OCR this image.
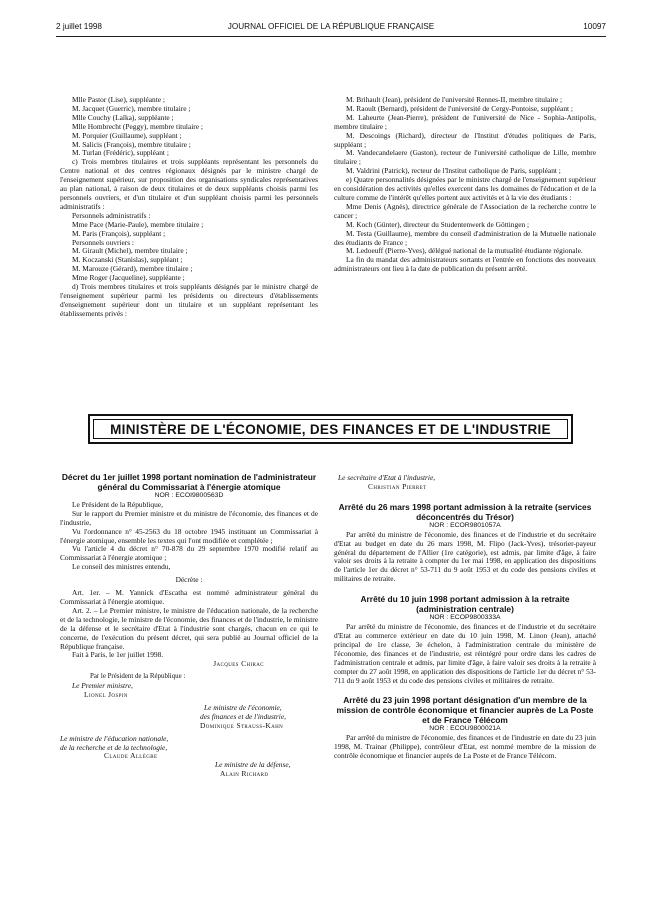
2 juillet 1998	JOURNAL OFFICIEL DE LA RÉPUBLIQUE FRANÇAISE	10097

Mlle Pastor (Lise), suppléante ;

M. Jacquet (Guerric), membre titulaire ;

Mlle Couchy (Laïka), suppléante ;

Mlle Hombrecht (Peggy), membre titulaire ;

M. Porquier (Guillaume), suppléant ;

M. Salicis (François), membre titulaire ;

M. Turlan (Frédéric), suppléant ;

c) Trois membres titulaires et trois suppléants représentant les personnels du Centre national et des centres régionaux désignés par le ministre chargé de l'enseignement supérieur, sur proposition des organisations syndicales représentatives au plan national, à raison de deux titulaires et de deux suppléants choisis parmi les personnels ouvriers, et d'un titulaire et d'un suppléant choisis parmi les personnels administratifs :

Personnels administratifs :

Mme Pace (Marie-Paule), membre titulaire ;

M. Paris (François), suppléant ;

Personnels ouvriers :

M. Girault (Michel), membre titulaire ;

M. Koczanski (Stanislas), suppléant ;

M. Marouze (Gérard), membre titulaire ;

Mme Roger (Jacqueline), suppléante ;

d) Trois membres titulaires et trois suppléants désignés par le ministre chargé de l'enseignement supérieur parmi les présidents ou directeurs d'établissements d'enseignement supérieur dont un titulaire et un suppléant représentant les établissements privés :

M. Brihault (Jean), président de l'université Rennes-II, membre titulaire ;

M. Raoult (Bernard), président de l'université de Cergy-Pontoise, suppléant ;

M. Laheurte (Jean-Pierre), président de l'université de Nice - Sophia-Antipolis, membre titulaire ;

M. Descoings (Richard), directeur de l'Institut d'études politiques de Paris, suppléant ;

M. Vandecandelaere (Gaston), recteur de l'université catholique de Lille, membre titulaire ;

M. Valdrini (Patrick), recteur de l'Institut catholique de Paris, suppléant ;

e) Quatre personnalités désignées par le ministre chargé de l'enseignement supérieur en considération des activités qu'elles exercent dans les domaines de l'éducation et de la culture comme de l'intérêt qu'elles portent aux activités et à la vie des étudiants :

Mme Denis (Agnès), directrice générale de l'Association de la recherche contre le cancer ;

M. Koch (Günter), directeur du Studentenwerk de Göttingen ;

M. Testa (Guillaume), membre du conseil d'administration de la Mutuelle nationale des étudiants de France ;

M. Ledoeuff (Pierre-Yves), délégué national de la mutualité étudiante régionale.

La fin du mandat des administrateurs sortants et l'entrée en fonctions des nouveaux administrateurs ont lieu à la date de publication du présent arrêté.

MINISTÈRE DE L'ÉCONOMIE, DES FINANCES ET DE L'INDUSTRIE

Décret du 1er juillet 1998 portant nomination de l'administrateur général du Commissariat à l'énergie atomique

NOR : ECOI9800563D

Le Président de la République,

Sur le rapport du Premier ministre et du ministre de l'économie, des finances et de l'industrie,

Vu l'ordonnance n° 45-2563 du 18 octobre 1945 instituant un Commissariat à l'énergie atomique, ensemble les textes qui l'ont modifiée et complétée ;

Vu l'article 4 du décret n° 70-878 du 29 septembre 1970 modifié relatif au Commissariat à l'énergie atomique ;

Le conseil des ministres entendu,

Décrète :

Art. 1er. – M. Yannick d'Escatha est nommé administrateur général du Commissariat à l'énergie atomique.

Art. 2. – Le Premier ministre, le ministre de l'éducation nationale, de la recherche et de la technologie, le ministre de l'économie, des finances et de l'industrie, le ministre de la défense et le secrétaire d'Etat à l'industrie sont chargés, chacun en ce qui le concerne, de l'exécution du présent décret, qui sera publié au Journal officiel de la République française.

Fait à Paris, le 1er juillet 1998.

Jacques Chirac

Par le Président de la République :

Le Premier ministre,

Lionel Jospin

Le ministre de l'économie,

des finances et de l'industrie,

Dominique Strauss-Kahn

Le ministre de l'éducation nationale,

de la recherche et de la technologie,

Claude Allègre

Le ministre de la défense,

Alain Richard

Le secrétaire d'Etat à l'industrie,

Christian Pierret

Arrêté du 26 mars 1998 portant admission à la retraite (services déconcentrés du Trésor)

NOR : ECOR9801057A

Par arrêté du ministre de l'économie, des finances et de l'industrie et du secrétaire d'Etat au budget en date du 26 mars 1998, M. Flipo (Jack-Yves), trésorier-payeur général du département de l'Allier (1re catégorie), est admis, par limite d'âge, à faire valoir ses droits à la retraite à compter du 1er mai 1998, en application des dispositions de l'article 1er du décret n° 53-711 du 9 août 1953 et du code des pensions civiles et militaires de retraite.

Arrêté du 10 juin 1998 portant admission à la retraite (administration centrale)

NOR : ECOP9800333A

Par arrêté du ministre de l'économie, des finances et de l'industrie et du secrétaire d'Etat au commerce extérieur en date du 10 juin 1998, M. Linon (Jean), attaché principal de 1re classe, 3e échelon, à l'administration centrale du ministère de l'économie, des finances et de l'industrie, est réintégré pour ordre dans les cadres de l'administration centrale et admis, par limite d'âge, à faire valoir ses droits à la retraite à compter du 27 août 1998, en application des dispositions de l'article 1er du décret n° 53-711 du 9 août 1953 et du code des pensions civiles et militaires de retraite.

Arrêté du 23 juin 1998 portant désignation d'un membre de la mission de contrôle économique et financier auprès de La Poste et de France Télécom

NOR : ECOU9800021A

Par arrêté du ministre de l'économie, des finances et de l'industrie en date du 23 juin 1998, M. Trainar (Philippe), contrôleur d'Etat, est nommé membre de la mission de contrôle économique et financier auprès de La Poste et de France Télécom.
